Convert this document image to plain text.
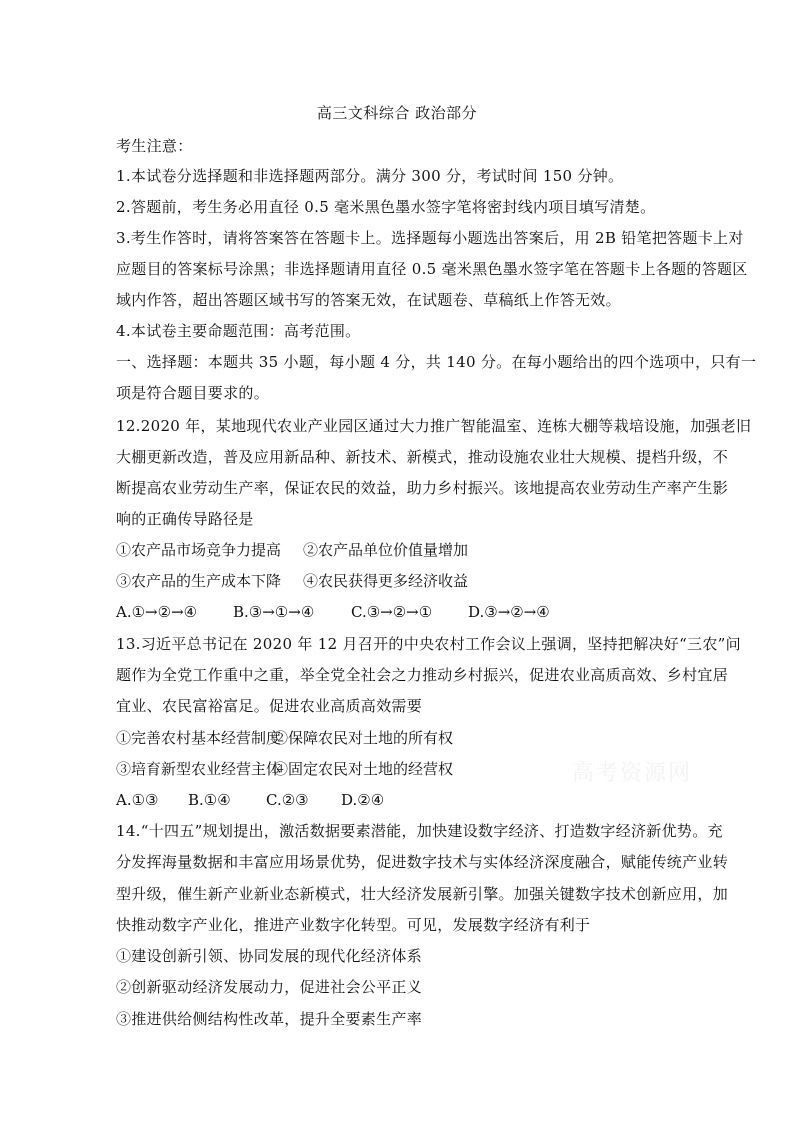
高三文科综合 政治部分
考生注意：
1.本试卷分选择题和非选择题两部分。满分 300 分，考试时间 150 分钟。
2.答题前，考生务必用直径 0.5 毫米黑色墨水签字笔将密封线内项目填写清楚。
3.考生作答时，请将答案答在答题卡上。选择题每小题选出答案后，用 2B 铅笔把答题卡上对
应题目的答案标号涂黑；非选择题请用直径 0.5 毫米黑色墨水签字笔在答题卡上各题的答题区
域内作答，超出答题区域书写的答案无效，在试题卷、草稿纸上作答无效。
4.本试卷主要命题范围：高考范围。
一、选择题：本题共 35 小题，每小题 4 分，共 140 分。在每小题给出的四个选项中，只有一
项是符合题目要求的。
12.2020 年，某地现代农业产业园区通过大力推广智能温室、连栋大棚等栽培设施，加强老旧
大棚更新改造，普及应用新品种、新技术、新模式，推动设施农业壮大规模、提档升级，不
断提高农业劳动生产率，保证农民的效益，助力乡村振兴。该地提高农业劳动生产率产生影
响的正确传导路径是
①农产品市场竞争力提高 ②农产品单位价值量增加
③农产品的生产成本下降 ④农民获得更多经济收益
A.①→②→④ B.③→①→④ C.③→②→① D.③→②→④
13.习近平总书记在 2020 年 12 月召开的中央农村工作会议上强调，坚持把解决好“三农”问
题作为全党工作重中之重，举全党全社会之力推动乡村振兴，促进农业高质高效、乡村宜居
宜业、农民富裕富足。促进农业高质高效需要
①完善农村基本经营制度②保障农民对土地的所有权
③培育新型农业经营主体④固定农民对土地的经营权
A.①③ B.①④ C.②③ D.②④
14.“十四五”规划提出，激活数据要素潜能，加快建设数字经济、打造数字经济新优势。充
分发挥海量数据和丰富应用场景优势，促进数字技术与实体经济深度融合，赋能传统产业转
型升级，催生新产业新业态新模式，壮大经济发展新引擎。加强关键数字技术创新应用，加
快推动数字产业化，推进产业数字化转型。可见，发展数字经济有利于
①建设创新引领、协同发展的现代化经济体系
②创新驱动经济发展动力，促进社会公平正义
③推进供给侧结构性改革，提升全要素生产率
高考资源网
